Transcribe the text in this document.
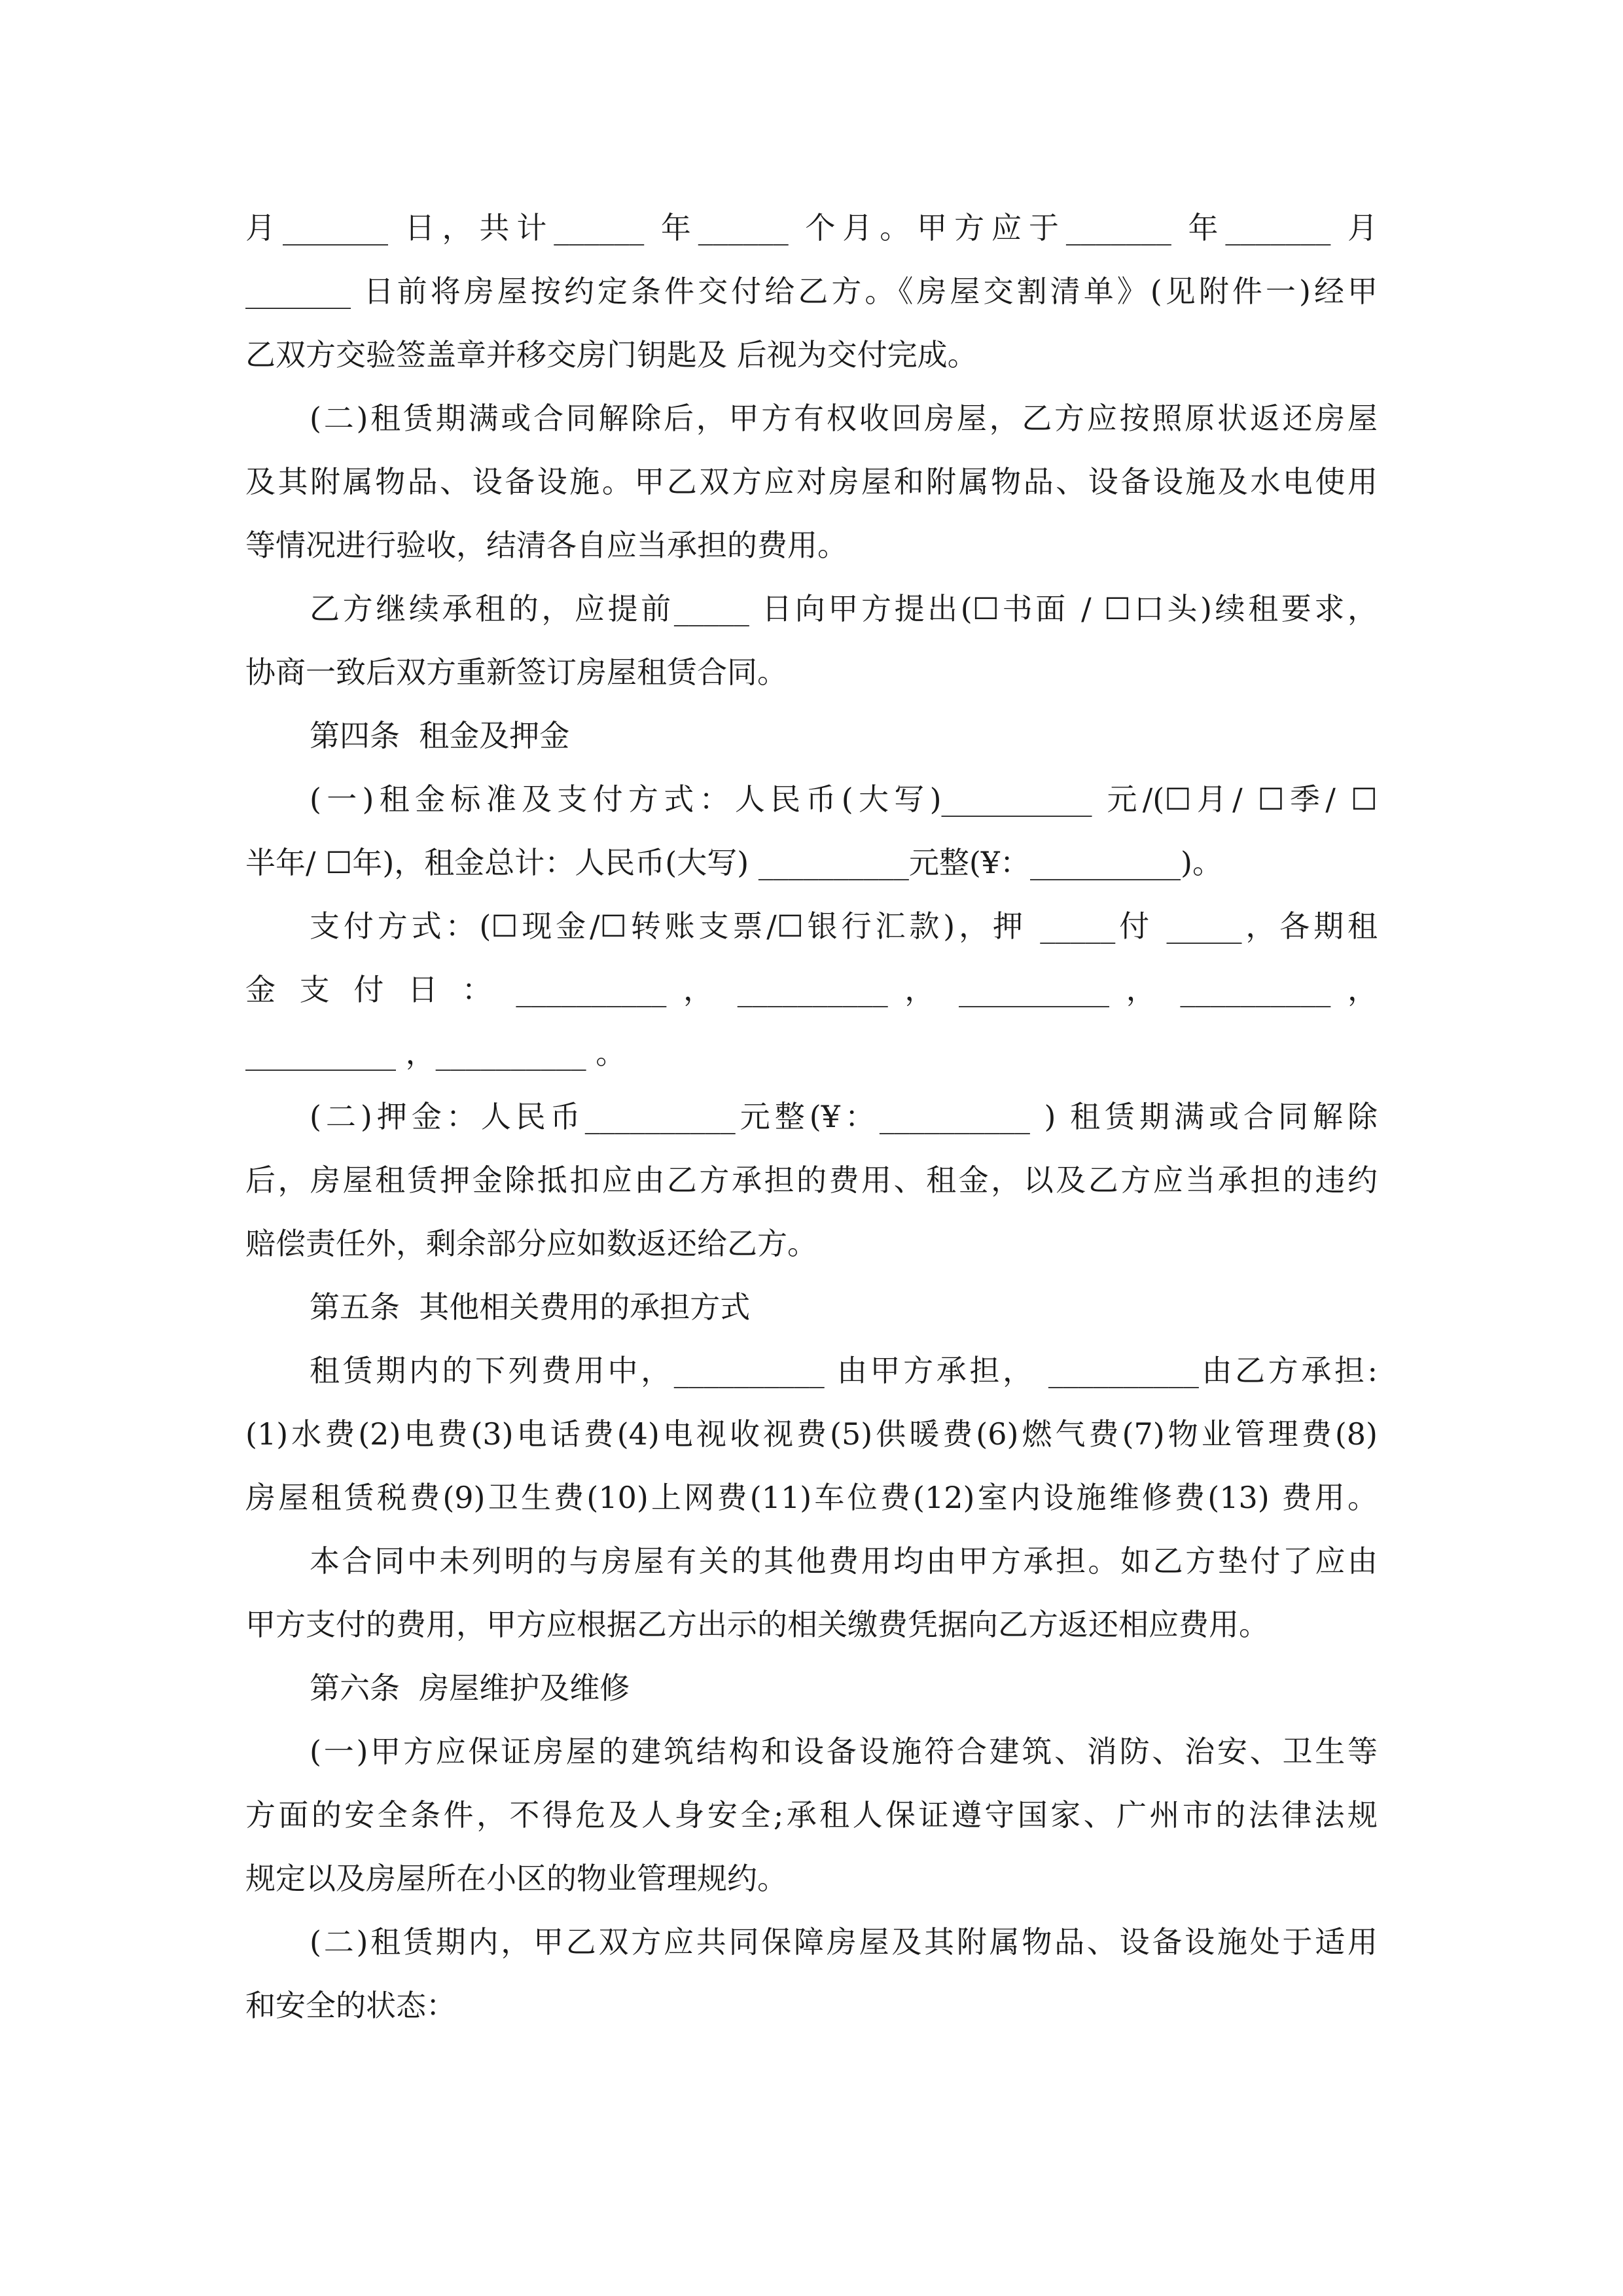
月_______ 日，共计______ 年______ 个月。甲方应于_______ 年_______ 月
_______ 日前将房屋按约定条件交付给乙方。《房屋交割清单》(见附件一)经甲
乙双方交验签盖章并移交房门钥匙及 后视为交付完成。
(二)租赁期满或合同解除后，甲方有权收回房屋，乙方应按照原状返还房屋
及其附属物品、设备设施。甲乙双方应对房屋和附属物品、设备设施及水电使用
等情况进行验收，结清各自应当承担的费用。
乙方继续承租的，应提前_____ 日向甲方提出(☐书面 / ☐口头)续租要求，
协商一致后双方重新签订房屋租赁合同。
第四条  租金及押金
(一)租金标准及支付方式：人民币(大写)__________ 元/(☐月/ ☐季/ ☐
半年/ ☐年)，租金总计：人民币(大写) __________元整(¥：__________)。
支付方式：(☐现金/☐转账支票/☐银行汇款)，押 _____付 _____，各期租
金 支 付 日 ： __________ ， __________ ， __________ ， __________ ，
__________ ，__________ 。
(二)押金：人民币__________元整(¥：__________ ) 租赁期满或合同解除
后，房屋租赁押金除抵扣应由乙方承担的费用、租金，以及乙方应当承担的违约
赔偿责任外，剩余部分应如数返还给乙方。
第五条  其他相关费用的承担方式
租赁期内的下列费用中，__________ 由甲方承担， __________由乙方承担:
(1)水费(2)电费(3)电话费(4)电视收视费(5)供暖费(6)燃气费(7)物业管理费(8)
房屋租赁税费(9)卫生费(10)上网费(11)车位费(12)室内设施维修费(13) 费用。
本合同中未列明的与房屋有关的其他费用均由甲方承担。如乙方垫付了应由
甲方支付的费用，甲方应根据乙方出示的相关缴费凭据向乙方返还相应费用。
第六条  房屋维护及维修
(一)甲方应保证房屋的建筑结构和设备设施符合建筑、消防、治安、卫生等
方面的安全条件，不得危及人身安全;承租人保证遵守国家、广州市的法律法规
规定以及房屋所在小区的物业管理规约。
(二)租赁期内，甲乙双方应共同保障房屋及其附属物品、设备设施处于适用
和安全的状态：
